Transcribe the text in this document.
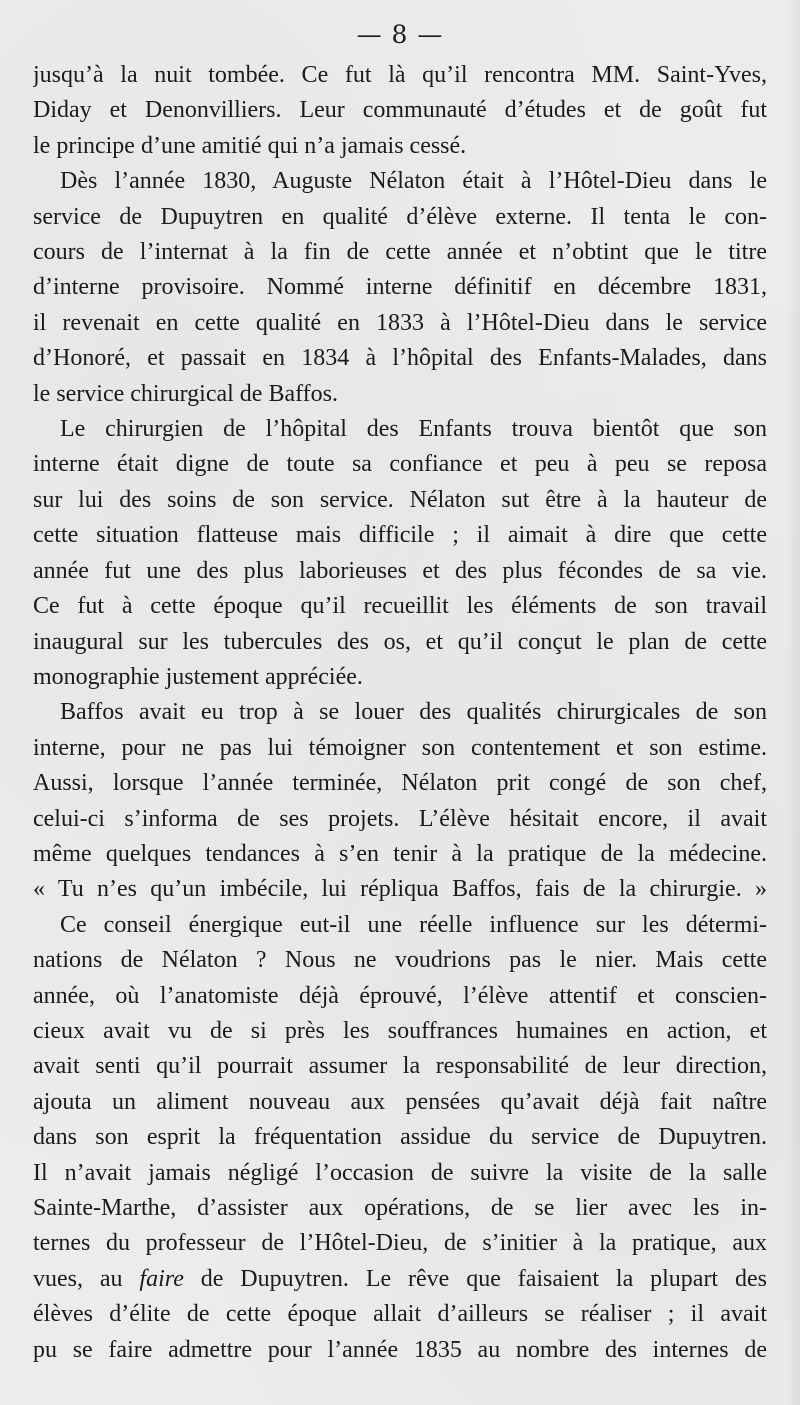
— 8 —
jusqu’à la nuit tombée. Ce fut là qu’il rencontra MM. Saint-Yves,
Diday et Denonvilliers. Leur communauté d’études et de goût fut
le principe d’une amitié qui n’a jamais cessé.
Dès l’année 1830, Auguste Nélaton était à l’Hôtel-Dieu dans le
service de Dupuytren en qualité d’élève externe. Il tenta le con-
cours de l’internat à la fin de cette année et n’obtint que le titre
d’interne provisoire. Nommé interne définitif en décembre 1831,
il revenait en cette qualité en 1833 à l’Hôtel-Dieu dans le service
d’Honoré, et passait en 1834 à l’hôpital des Enfants-Malades, dans
le service chirurgical de Baffos.
Le chirurgien de l’hôpital des Enfants trouva bientôt que son
interne était digne de toute sa confiance et peu à peu se reposa
sur lui des soins de son service. Nélaton sut être à la hauteur de
cette situation flatteuse mais difficile ; il aimait à dire que cette
année fut une des plus laborieuses et des plus fécondes de sa vie.
Ce fut à cette époque qu’il recueillit les éléments de son travail
inaugural sur les tubercules des os, et qu’il conçut le plan de cette
monographie justement appréciée.
Baffos avait eu trop à se louer des qualités chirurgicales de son
interne, pour ne pas lui témoigner son contentement et son estime.
Aussi, lorsque l’année terminée, Nélaton prit congé de son chef,
celui-ci s’informa de ses projets. L’élève hésitait encore, il avait
même quelques tendances à s’en tenir à la pratique de la médecine.
« Tu n’es qu’un imbécile, lui répliqua Baffos, fais de la chirurgie. »
Ce conseil énergique eut-il une réelle influence sur les détermi-
nations de Nélaton ? Nous ne voudrions pas le nier. Mais cette
année, où l’anatomiste déjà éprouvé, l’élève attentif et conscien-
cieux avait vu de si près les souffrances humaines en action, et
avait senti qu’il pourrait assumer la responsabilité de leur direction,
ajouta un aliment nouveau aux pensées qu’avait déjà fait naître
dans son esprit la fréquentation assidue du service de Dupuytren.
Il n’avait jamais négligé l’occasion de suivre la visite de la salle
Sainte-Marthe, d’assister aux opérations, de se lier avec les in-
ternes du professeur de l’Hôtel-Dieu, de s’initier à la pratique, aux
vues, au faire de Dupuytren. Le rêve que faisaient la plupart des
élèves d’élite de cette époque allait d’ailleurs se réaliser ; il avait
pu se faire admettre pour l’année 1835 au nombre des internes de
